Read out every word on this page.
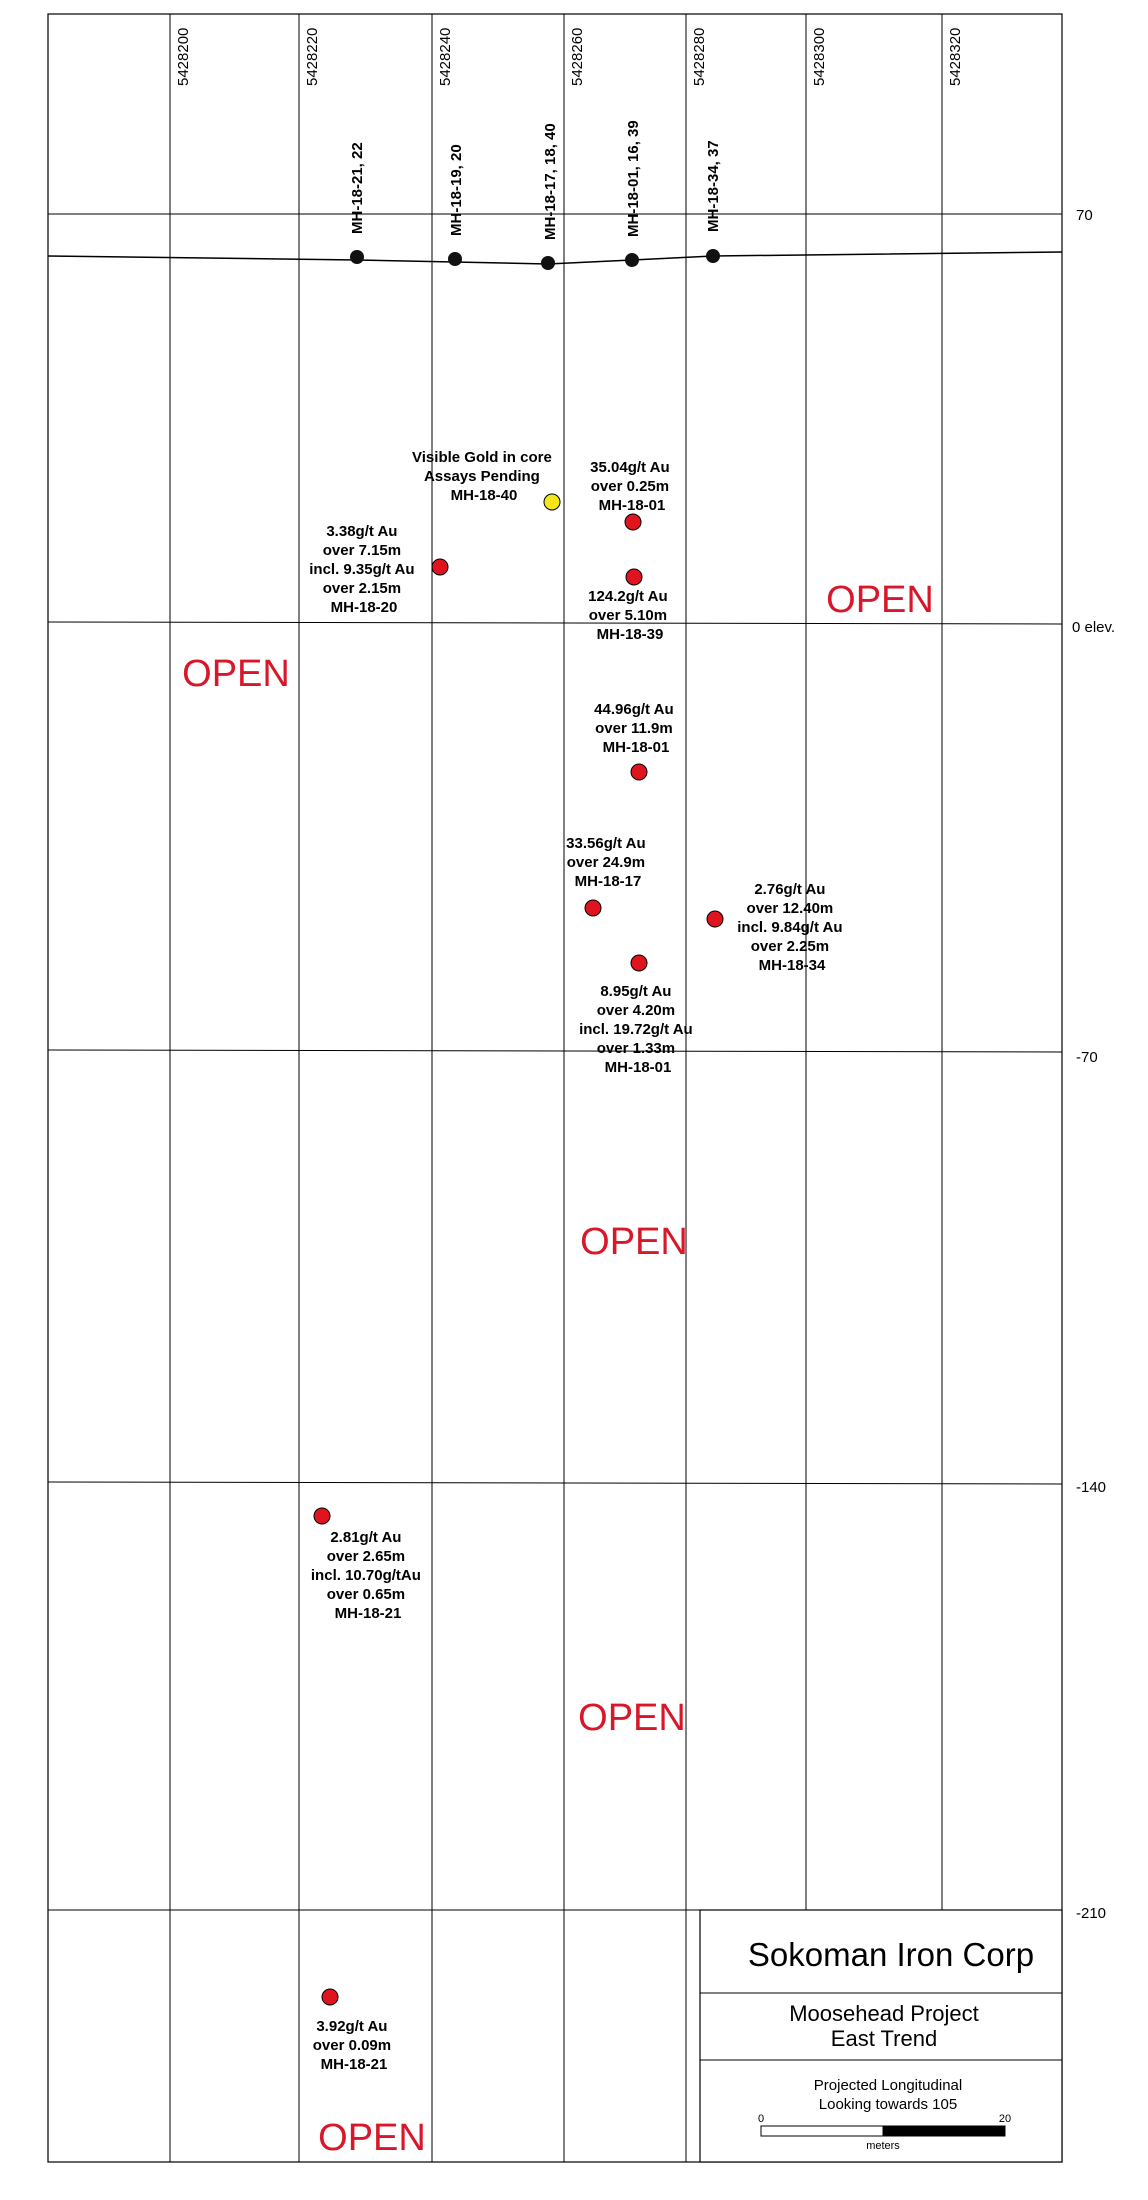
5428200	5428220	5428240	5428260	5428280	5428300	5428320
70
0 elev.
-70
-140
-210
MH-18-21, 22	MH-18-19, 20	MH-18-17, 18, 40	MH-18-01, 16, 39	MH-18-34, 37
35.04g/t Au over 0.25m MH-18-01
Visible Gold in core Assays Pending MH-18-40
3.38g/t Au over 7.15m incl. 9.35g/t Au over 2.15m MH-18-20
124.2g/t Au over 5.10m MH-18-39
44.96g/t Au over 11.9m MH-18-01
33.56g/t Au over 24.9m MH-18-17	2.76g/t Au over 12.40m incl. 9.84g/t Au over 2.25m MH-18-34
8.95g/t Au over 4.20m incl. 19.72g/t Au over 1.33m MH-18-01
2.81g/t Au over 2.65m incl. 10.70g/tAu over 0.65m MH-18-21
3.92g/t Au over 0.09m MH-18-21
OPEN
OPEN
OPEN
OPEN
OPEN
Sokoman Iron Corp
Moosehead Project
East Trend
Projected Longitudinal
Looking towards 105
0	20
meters
